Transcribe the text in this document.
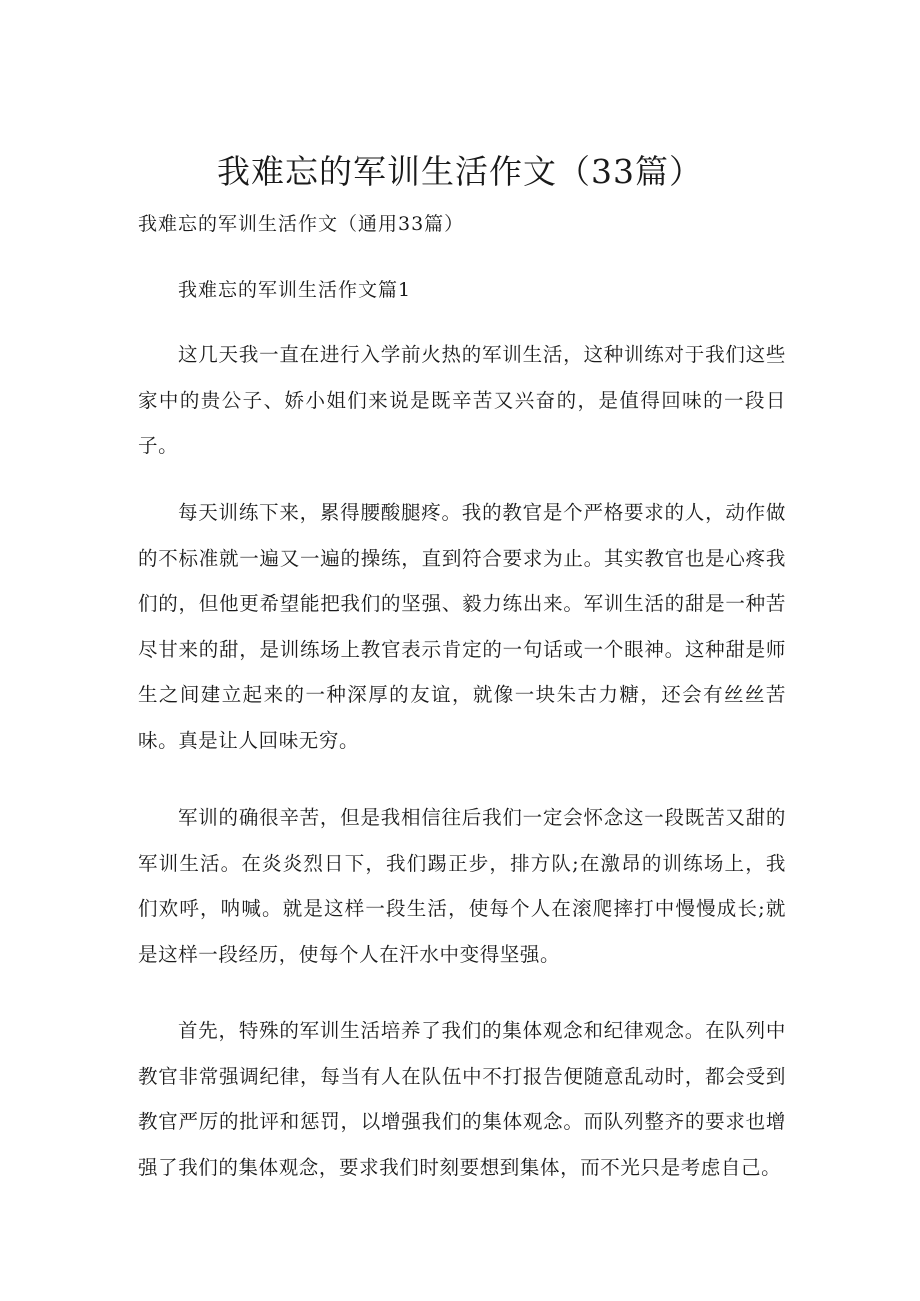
我难忘的军训生活作文（33篇）

我难忘的军训生活作文（通用33篇）

我难忘的军训生活作文篇1

这几天我一直在进行入学前火热的军训生活，这种训练对于我们这些家中的贵公子、娇小姐们来说是既辛苦又兴奋的，是值得回味的一段日子。

每天训练下来，累得腰酸腿疼。我的教官是个严格要求的人，动作做的不标准就一遍又一遍的操练，直到符合要求为止。其实教官也是心疼我们的，但他更希望能把我们的坚强、毅力练出来。军训生活的甜是一种苦尽甘来的甜，是训练场上教官表示肯定的一句话或一个眼神。这种甜是师生之间建立起来的一种深厚的友谊，就像一块朱古力糖，还会有丝丝苦味。真是让人回味无穷。

军训的确很辛苦，但是我相信往后我们一定会怀念这一段既苦又甜的军训生活。在炎炎烈日下，我们踢正步，排方队;在激昂的训练场上，我们欢呼，呐喊。就是这样一段生活，使每个人在滚爬摔打中慢慢成长;就是这样一段经历，使每个人在汗水中变得坚强。

首先，特殊的军训生活培养了我们的集体观念和纪律观念。在队列中教官非常强调纪律，每当有人在队伍中不打报告便随意乱动时，都会受到教官严厉的批评和惩罚，以增强我们的集体观念。而队列整齐的要求也增强了我们的集体观念，要求我们时刻要想到集体，而不光只是考虑自己。
